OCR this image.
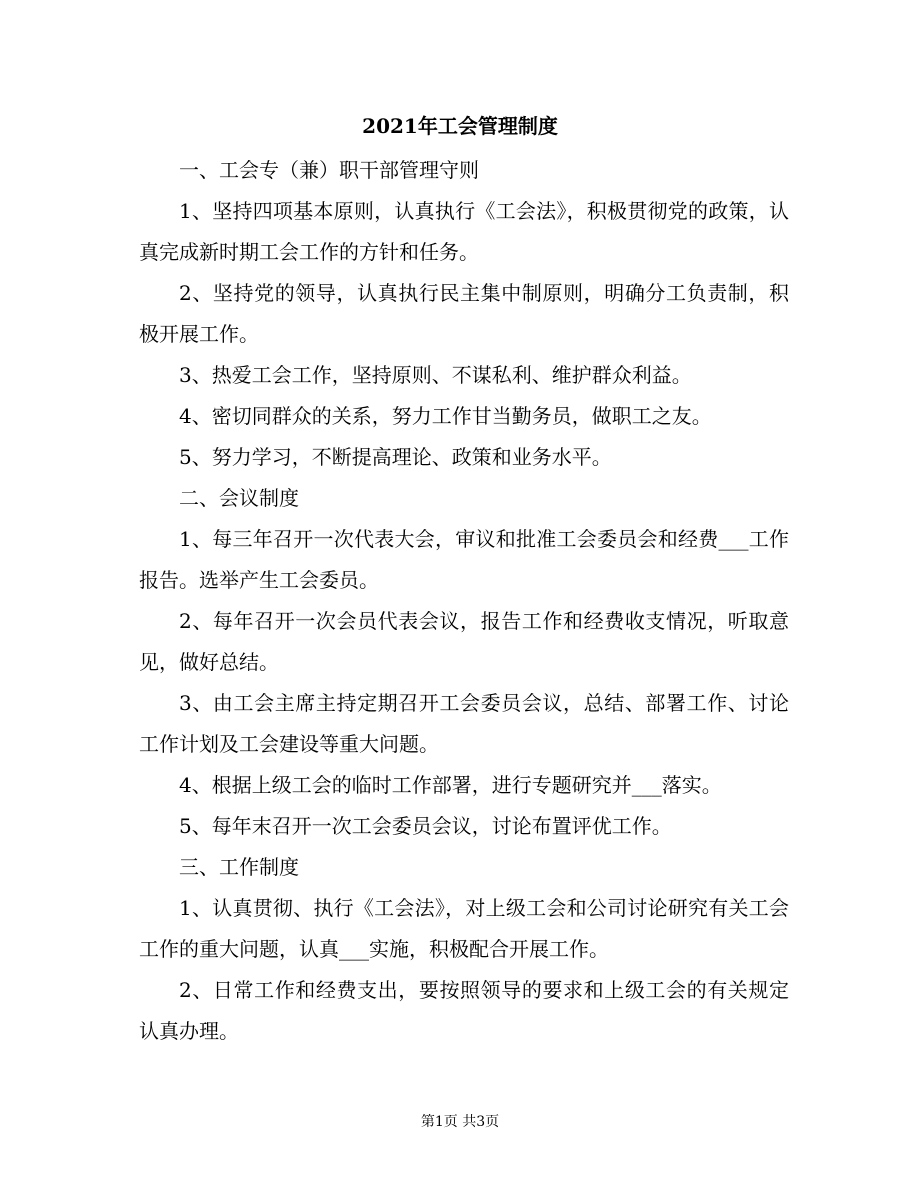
2021年工会管理制度

一、工会专（兼）职干部管理守则

1、坚持四项基本原则，认真执行《工会法》，积极贯彻党的政策，认真完成新时期工会工作的方针和任务。

2、坚持党的领导，认真执行民主集中制原则，明确分工负责制，积极开展工作。

3、热爱工会工作，坚持原则、不谋私利、维护群众利益。

4、密切同群众的关系，努力工作甘当勤务员，做职工之友。

5、努力学习，不断提高理论、政策和业务水平。

二、会议制度

1、每三年召开一次代表大会，审议和批准工会委员会和经费___工作报告。选举产生工会委员。

2、每年召开一次会员代表会议，报告工作和经费收支情况，听取意见，做好总结。

3、由工会主席主持定期召开工会委员会议，总结、部署工作、讨论工作计划及工会建设等重大问题。

4、根据上级工会的临时工作部署，进行专题研究并___落实。

5、每年末召开一次工会委员会议，讨论布置评优工作。

三、工作制度

1、认真贯彻、执行《工会法》，对上级工会和公司讨论研究有关工会工作的重大问题，认真___实施，积极配合开展工作。

2、日常工作和经费支出，要按照领导的要求和上级工会的有关规定认真办理。

第1页 共3页
